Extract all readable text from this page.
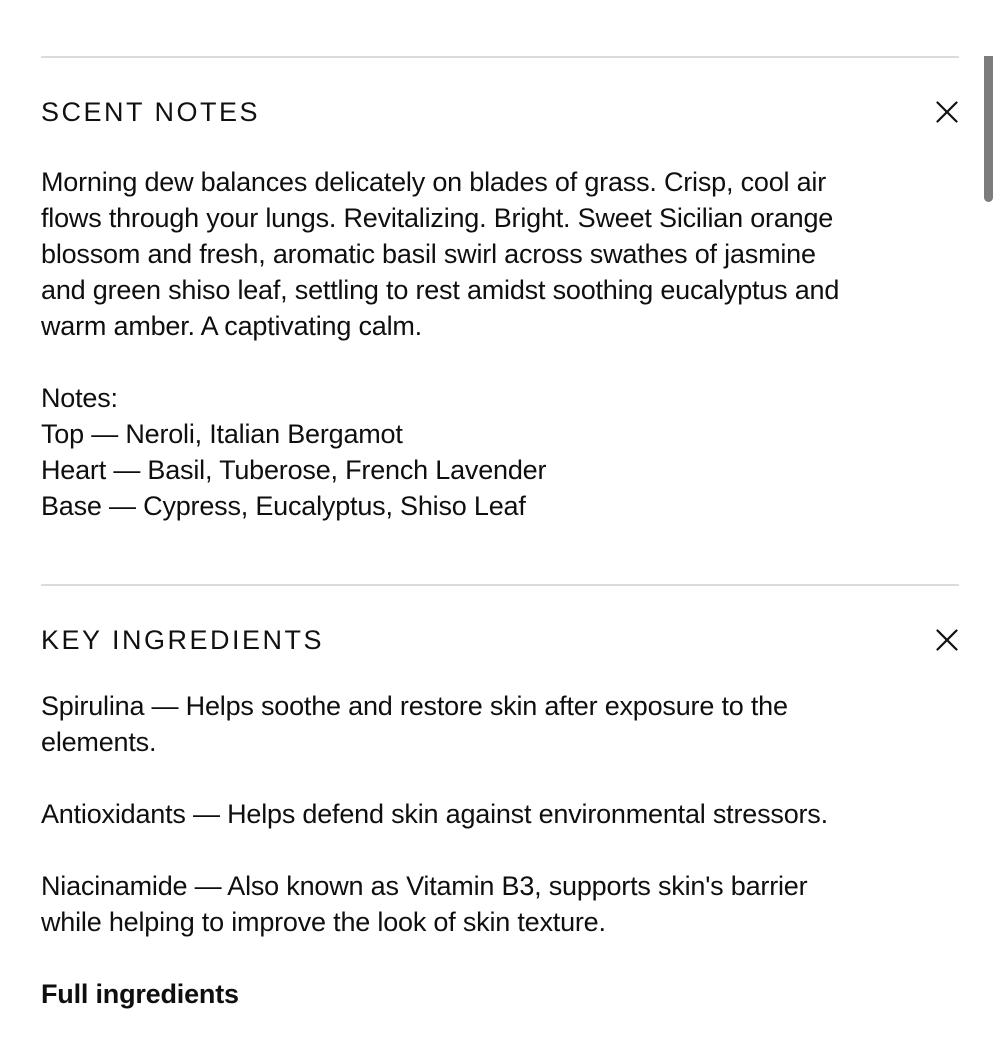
SCENT NOTES
Morning dew balances delicately on blades of grass. Crisp, cool air
flows through your lungs. Revitalizing. Bright. Sweet Sicilian orange
blossom and fresh, aromatic basil swirl across swathes of jasmine
and green shiso leaf, settling to rest amidst soothing eucalyptus and
warm amber. A captivating calm.
Notes:
Top — Neroli, Italian Bergamot
Heart — Basil, Tuberose, French Lavender
Base — Cypress, Eucalyptus, Shiso Leaf
KEY INGREDIENTS
Spirulina — Helps soothe and restore skin after exposure to the
elements.
Antioxidants — Helps defend skin against environmental stressors.
Niacinamide — Also known as Vitamin B3, supports skin's barrier
while helping to improve the look of skin texture.
Full ingredients
